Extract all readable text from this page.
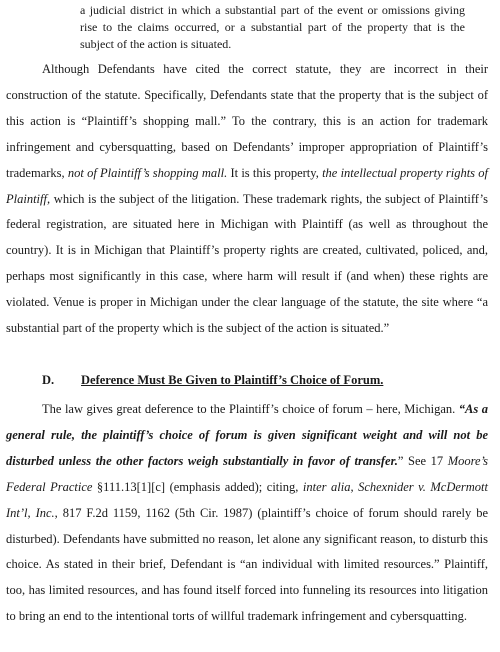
a judicial district in which a substantial part of the event or omissions giving rise to the claims occurred, or a substantial part of the property that is the subject of the action is situated.
Although Defendants have cited the correct statute, they are incorrect in their construction of the statute. Specifically, Defendants state that the property that is the subject of this action is “Plaintiff’s shopping mall.” To the contrary, this is an action for trademark infringement and cybersquatting, based on Defendants’ improper appropriation of Plaintiff’s trademarks, not of Plaintiff’s shopping mall. It is this property, the intellectual property rights of Plaintiff, which is the subject of the litigation. These trademark rights, the subject of Plaintiff’s federal registration, are situated here in Michigan with Plaintiff (as well as throughout the country). It is in Michigan that Plaintiff’s property rights are created, cultivated, policed, and, perhaps most significantly in this case, where harm will result if (and when) these rights are violated. Venue is proper in Michigan under the clear language of the statute, the site where “a substantial part of the property which is the subject of the action is situated.”
D. Deference Must Be Given to Plaintiff’s Choice of Forum.
The law gives great deference to the Plaintiff’s choice of forum – here, Michigan. “As a general rule, the plaintiff’s choice of forum is given significant weight and will not be disturbed unless the other factors weigh substantially in favor of transfer.” See 17 Moore’s Federal Practice §111.13[1][c] (emphasis added); citing, inter alia, Schexnider v. McDermott Int’l, Inc., 817 F.2d 1159, 1162 (5th Cir. 1987) (plaintiff’s choice of forum should rarely be disturbed). Defendants have submitted no reason, let alone any significant reason, to disturb this choice. As stated in their brief, Defendant is “an individual with limited resources.” Plaintiff, too, has limited resources, and has found itself forced into funneling its resources into litigation to bring an end to the intentional torts of willful trademark infringement and cybersquatting.
